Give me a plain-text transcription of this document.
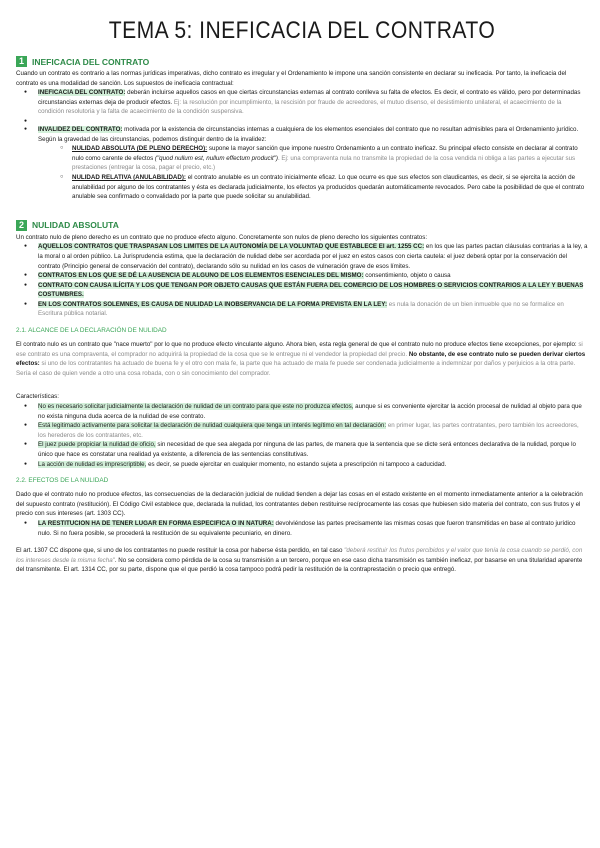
TEMA 5: INEFICACIA DEL CONTRATO
1 INEFICACIA DEL CONTRATO

Cuando un contrato es contrario a las normas jurídicas imperativas, dicho contrato es irregular y el Ordenamiento le impone una sanción consistente en declarar su ineficacia. Por tanto, la ineficacia del contrato es una modalidad de sanción. Los supuestos de ineficacia contractual:

● INEFICACIA DEL CONTRATO: deberán incluirse aquellos casos en que ciertas circunstancias externas al contrato conlleva su falta de efectos. Es decir, el contrato es válido, pero por determinadas circunstancias externas deja de producir efectos. Ej: la resolución por incumplimiento, la rescisión por fraude de acreedores, el mutuo disenso, el desistimiento unilateral, el acaecimiento de la condición resolutoria y la falta de acaecimiento de la condición suspensiva.
●
● INVALIDEZ DEL CONTRATO: motivada por la existencia de circunstancias internas a cualquiera de los elementos esenciales del contrato que no resultan admisibles para el Ordenamiento jurídico. Según la gravedad de las circunstancias, podemos distinguir dentro de la invalidez:
○ NULIDAD ABSOLUTA (DE PLENO DERECHO): supone la mayor sanción que impone nuestro Ordenamiento a un contrato ineficaz. Su principal efecto consiste en declarar al contrato nulo como carente de efectos ("quod nullum est, nullum effectum producit"). Ej: una compraventa nula no transmite la propiedad de la cosa vendida ni obliga a las partes a ejecutar sus prestaciones (entregar la cosa, pagar el precio, etc.)
○ NULIDAD RELATIVA (ANULABILIDAD): el contrato anulable es un contrato inicialmente eficaz. Lo que ocurre es que sus efectos son claudicantes, es decir, si se ejercita la acción de anulabilidad por alguno de los contratantes y ésta es declarada judicialmente, los efectos ya producidos quedarán automáticamente revocados. Pero cabe la posibilidad de que el contrato anulable sea confirmado o convalidado por la parte que puede solicitar su anulabilidad.
2 NULIDAD ABSOLUTA

Un contrato nulo de pleno derecho es un contrato que no produce efecto alguno. Concretamente son nulos de pleno derecho los siguientes contratos:

● AQUELLOS CONTRATOS QUE TRASPASAN LOS LIMITES DE LA AUTONOMÍA DE LA VOLUNTAD QUE ESTABLECE El art. 1255 CC: en los que las partes pactan cláusulas contrarias a la ley, a la moral o al orden público. La Jurisprudencia estima, que la declaración de nulidad debe ser acordada por el juez en estos casos con cierta cautela: el juez deberá optar por la conservación del contrato (Principio general de conservación del contrato), declarando sólo su nulidad en los casos de vulneración grave de esos límites.
● CONTRATOS EN LOS QUE SE DÉ LA AUSENCIA DE ALGUNO DE LOS ELEMENTOS ESENCIALES DEL MISMO: consentimiento, objeto o causa
● CONTRATO CON CAUSA ILÍCITA Y LOS QUE TENGAN POR OBJETO CAUSAS QUE ESTÁN FUERA DEL COMERCIO DE LOS HOMBRES O SERVICIOS CONTRARIOS A LA LEY Y BUENAS COSTUMBRES.
● EN LOS CONTRATOS SOLEMNES, ES CAUSA DE NULIDAD LA INOBSERVANCIA DE LA FORMA PREVISTA EN LA LEY: es nula la donación de un bien inmueble que no se formalice en Escritura pública notarial.
2.1. ALCANCE DE LA DECLARACIÓN DE NULIDAD

El contrato nulo es un contrato que "nace muerto" por lo que no produce efecto vinculante alguno. Ahora bien, esta regla general de que el contrato nulo no produce efectos tiene excepciones, por ejemplo: si ese contrato es una compraventa, el comprador no adquirirá la propiedad de la cosa que se le entregue ni el vendedor la propiedad del precio. No obstante, de ese contrato nulo se pueden derivar ciertos efectos: si uno de los contratantes ha actuado de buena fe y el otro con mala fe, la parte que ha actuado de mala fe puede ser condenada judicialmente a indemnizar por daños y perjuicios a la otra parte. Sería el caso de quien vende a otro una cosa robada, con o sin conocimiento del comprador.

Características:

● No es necesario solicitar judicialmente la declaración de nulidad de un contrato para que este no produzca efectos, aunque si es conveniente ejercitar la acción procesal de nulidad al objeto para que no exista ninguna duda acerca de la nulidad de ese contrato.
● Está legitimado activamente para solicitar la declaración de nulidad cualquiera que tenga un interés legítimo en tal declaración: en primer lugar, las partes contratantes, pero también los acreedores, los herederos de los contratantes, etc.
● El juez puede propiciar la nulidad de oficio, sin necesidad de que sea alegada por ninguna de las partes, de manera que la sentencia que se dicte será entonces declarativa de la nulidad, porque lo único que hace es constatar una realidad ya existente, a diferencia de las sentencias constitutivas.
● La acción de nulidad es imprescriptible, es decir, se puede ejercitar en cualquier momento, no estando sujeta a prescripción ni tampoco a caducidad.
2.2. EFECTOS DE LA NULIDAD

Dado que el contrato nulo no produce efectos, las consecuencias de la declaración judicial de nulidad tienden a dejar las cosas en el estado existente en el momento inmediatamente anterior a la celebración del supuesto contrato (restitución). El Código Civil establece que, declarada la nulidad, los contratantes deben restituirse recíprocamente las cosas que hubiesen sido materia del contrato, con sus frutos y el precio con sus intereses (art. 1303 CC).

● LA RESTITUCION HA DE TENER LUGAR EN FORMA ESPECIFICA O IN NATURA: devolviéndose las partes precisamente las mismas cosas que fueron transmitidas en base al contrato jurídico nulo. Si no fuera posible, se procederá la restitución de su equivalente pecuniario, en dinero.

El art. 1307 CC dispone que, si uno de los contratantes no puede restituir la cosa por haberse ésta perdido, en tal caso "deberá restituir los frutos percibidos y el valor que tenía la cosa cuando se perdió, con los intereses desde la misma fecha". No se considera como pérdida de la cosa su transmisión a un tercero, porque en ese caso dicha transmisión es también ineficaz, por basarse en una titularidad aparente del transmitente. El art. 1314 CC, por su parte, dispone que el que perdió la cosa tampoco podrá pedir la restitución de la contraprestación o precio que entregó.
